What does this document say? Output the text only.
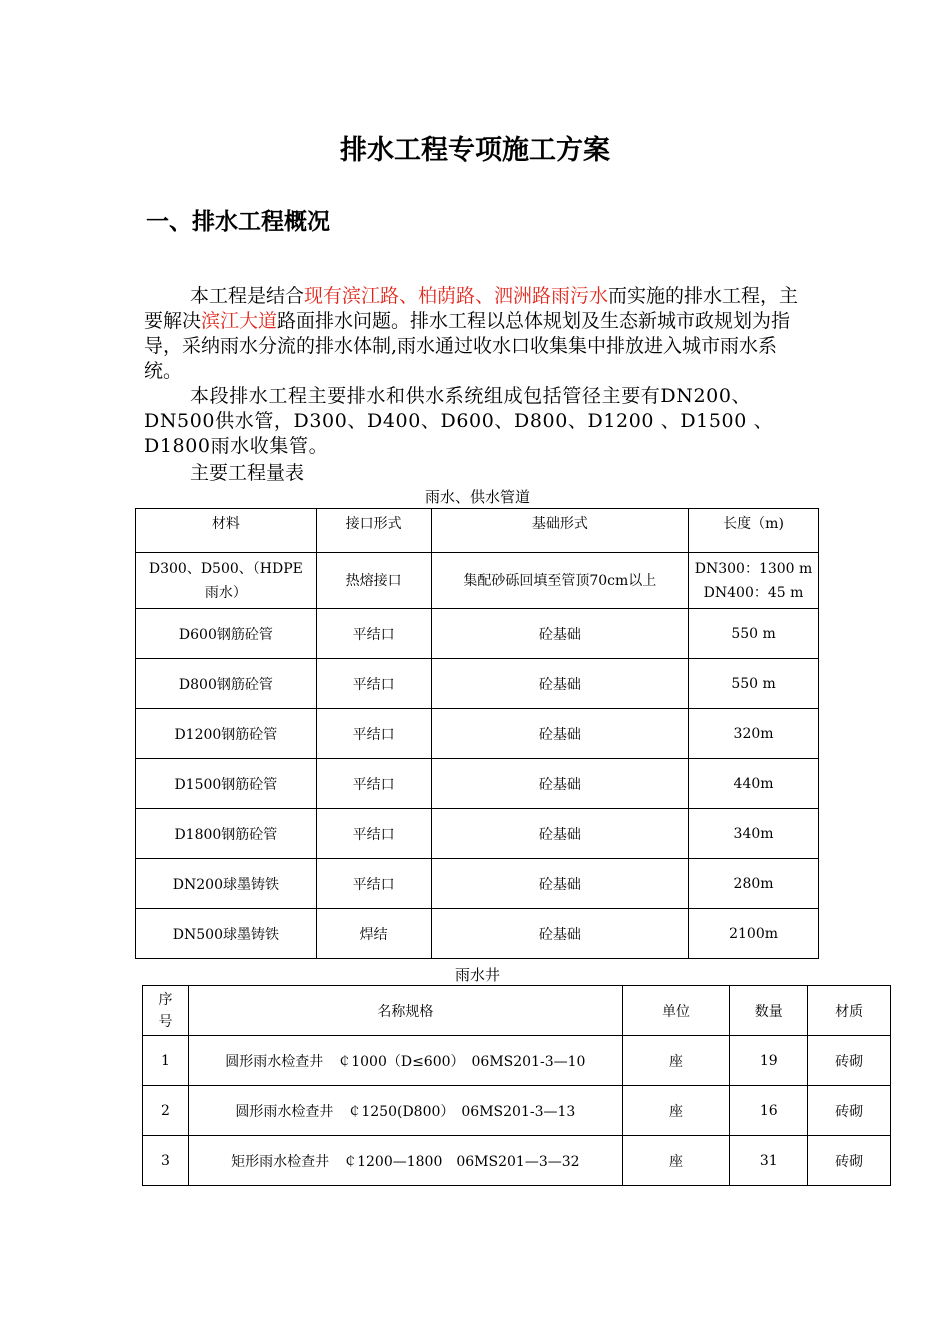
排水工程专项施工方案
一、排水工程概况
本工程是结合现有滨江路、柏荫路、泗洲路雨污水而实施的排水工程，主要解决滨江大道路面排水问题。排水工程以总体规划及生态新城市政规划为指导，采纳雨水分流的排水体制,雨水通过收水口收集集中排放进入城市雨水系统。
本段排水工程主要排水和供水系统组成包括管径主要有DN200、DN500供水管，D300、D400、D600、D800、D1200 、D1500 、D1800雨水收集管。
主要工程量表
雨水、供水管道
材料	接口形式	基础形式	长度（m)
D300、D500、（HDPE 雨水）	热熔接口	集配砂砾回填至管顶70cm以上	DN300：1300 m
DN400：45 m
D600钢筋砼管	平结口	砼基础	550 m
D800钢筋砼管	平结口	砼基础	550 m
D1200钢筋砼管	平结口	砼基础	320m
D1500钢筋砼管	平结口	砼基础	440m
D1800钢筋砼管	平结口	砼基础	340m
DN200球墨铸铁	平结口	砼基础	280m
DN500球墨铸铁	焊结	砼基础	2100m
雨水井
序号	名称规格	单位	数量	材质
1	圆形雨水检查井　￠1000（D≤600）　06MS201-3—10	座	19	砖砌
2	圆形雨水检查井　￠1250(D800）　06MS201-3—13	座	16	砖砌
3	矩形雨水检查井　￠1200—1800　06MS201—3—32	座	31	砖砌
